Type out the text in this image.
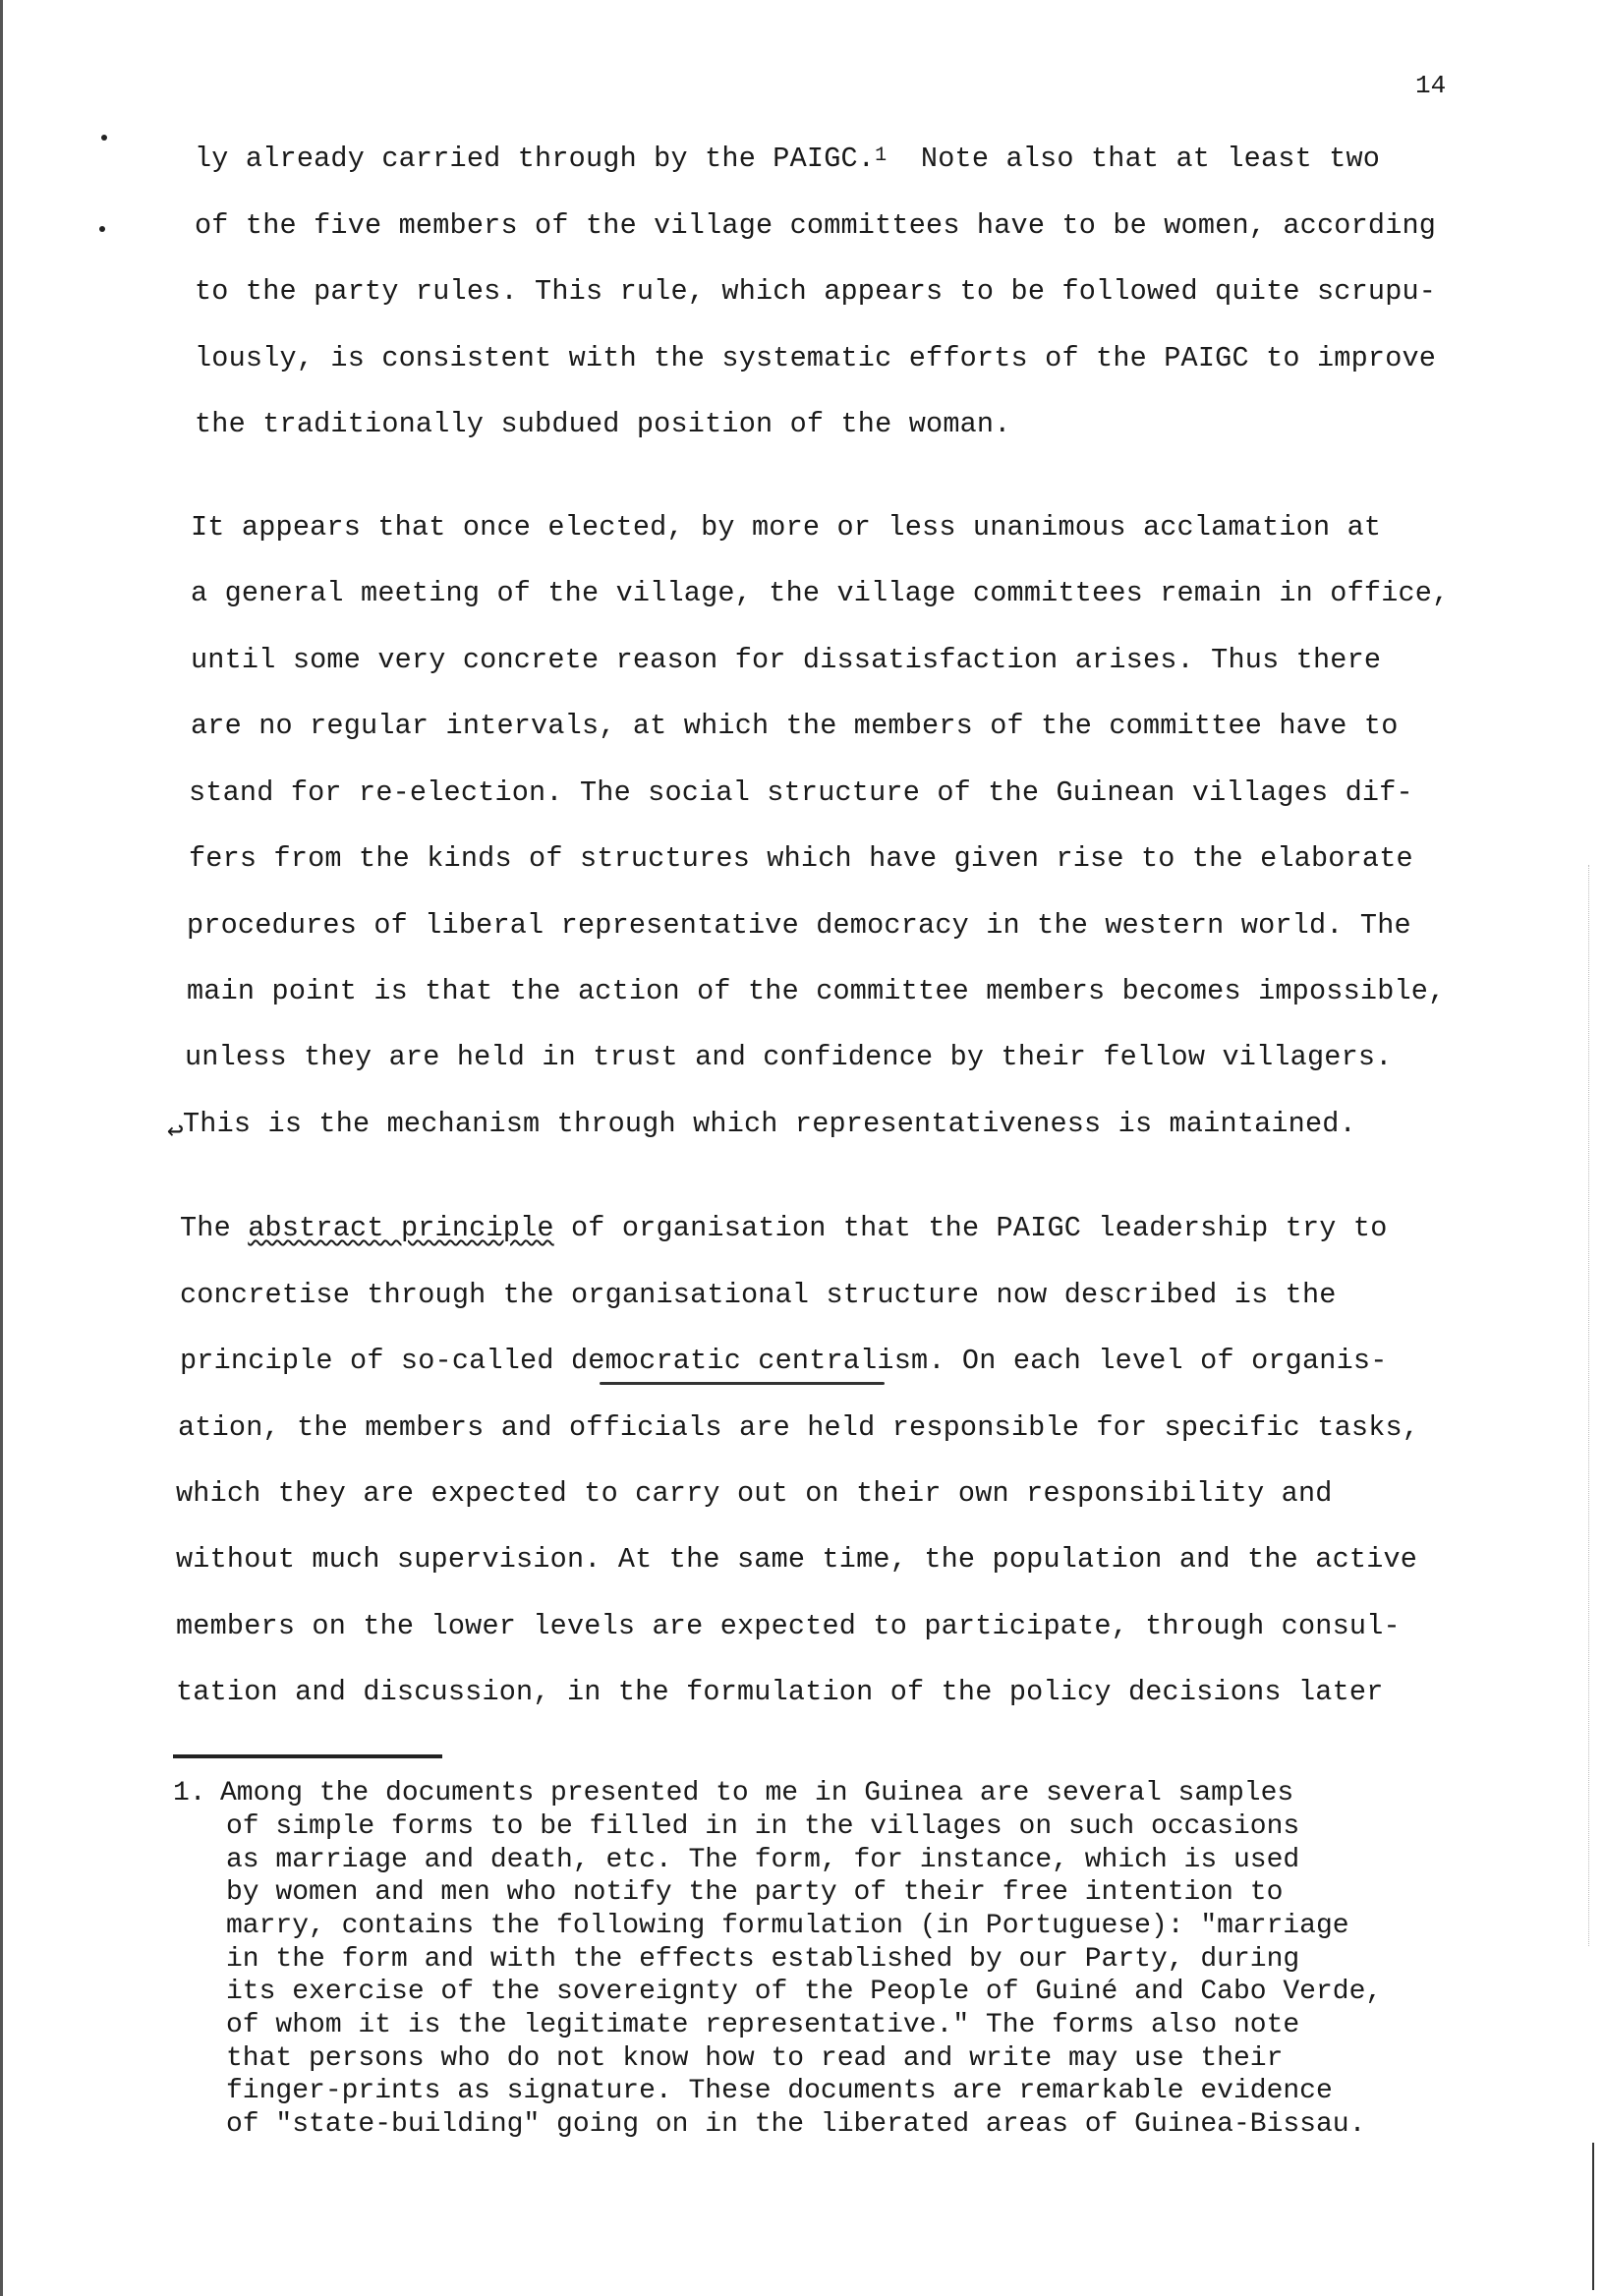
14
ly already carried through by the PAIGC.$^1$  Note also that at least two
of the five members of the village committees have to be women, according
to the party rules. This rule, which appears to be followed quite scrupu-
lously, is consistent with the systematic efforts of the PAIGC to improve
the traditionally subdued position of the woman.
It appears that once elected, by more or less unanimous acclamation at
a general meeting of the village, the village committees remain in office,
until some very concrete reason for dissatisfaction arises. Thus there
are no regular intervals, at which the members of the committee have to
stand for re-election. The social structure of the Guinean villages dif-
fers from the kinds of structures which have given rise to the elaborate
procedures of liberal representative democracy in the western world. The
main point is that the action of the committee members becomes impossible,
unless they are held in trust and confidence by their fellow villagers.
This is the mechanism through which representativeness is maintained.
↩
The abstract principle of organisation that the PAIGC leadership try to
concretise through the organisational structure now described is the
principle of so-called democratic centralism. On each level of organis-
ation, the members and officials are held responsible for specific tasks,
which they are expected to carry out on their own responsibility and
without much supervision. At the same time, the population and the active
members on the lower levels are expected to participate, through consul-
tation and discussion, in the formulation of the policy decisions later
1. Among the documents presented to me in Guinea are several samples
of simple forms to be filled in in the villages on such occasions
as marriage and death, etc. The form, for instance, which is used
by women and men who notify the party of their free intention to
marry, contains the following formulation (in Portuguese): "marriage
in the form and with the effects established by our Party, during
its exercise of the sovereignty of the People of Guiné and Cabo Verde,
of whom it is the legitimate representative." The forms also note
that persons who do not know how to read and write may use their
finger-prints as signature. These documents are remarkable evidence
of "state-building" going on in the liberated areas of Guinea-Bissau.
